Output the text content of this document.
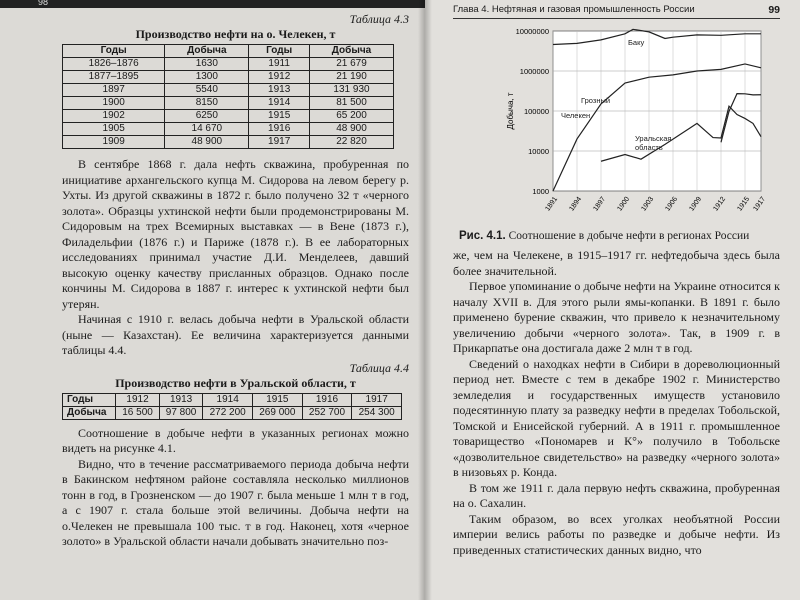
Таблица 4.3
Производство нефти на о. Челекен, т
Годы	Добыча	Годы	Добыча
1826–1876	1630	1911	21 679
1877–1895	1300	1912	21 190
1897	5540	1913	131 930
1900	8150	1914	81 500
1902	6250	1915	65 200
1905	14 670	1916	48 900
1909	48 900	1917	22 820

В сентябре 1868 г. дала нефть скважина, пробуренная по инициативе архангельского купца М. Сидорова на левом берегу р. Ухты. Из другой скважины в 1872 г. было получено 32 т «черного золота». Образцы ухтинской нефти были продемонстрированы М. Сидоровым на трех Всемирных выставках — в Вене (1873 г.), Филадельфии (1876 г.) и Париже (1878 г.). В ее лабораторных исследованиях принимал участие Д.И. Менделеев, давший высокую оценку качеству присланных образцов. Однако после кончины М. Сидорова в 1887 г. интерес к ухтинской нефти был утерян.

Начиная с 1910 г. велась добыча нефти в Уральской области (ныне — Казахстан). Ее величина характеризуется данными таблицы 4.4.

Таблица 4.4
Производство нефти в Уральской области, т
Годы	1912	1913	1914	1915	1916	1917
Добыча	16 500	97 800	272 200	269 000	252 700	254 300

Соотношение в добыче нефти в указанных регионах можно видеть на рисунке 4.1.

Видно, что в течение рассматриваемого периода добыча нефти в Бакинском нефтяном районе составляла несколько миллионов тонн в год, в Грозненском — до 1907 г. была меньше 1 млн т в год, а с 1907 г. стала больше этой величины. Добыча нефти на о.Челекен не превышала 100 тыс. т в год. Наконец, хотя «черное золото» в Уральской области начали добывать значительно поз-

98
Глава 4. Нефтяная и газовая промышленность России	99
10000000
1000000
100000
10000
1000
1891 1894 1897 1900 1903 1906 1909 1912 1915 1917
Добыча, т
Баку
Грозный
Челекен
Уральская
область
Рис. 4.1. Соотношение в добыче нефти в регионах России

же, чем на Челекене, в 1915–1917 гг. нефтедобыча здесь была более значительной.

Первое упоминание о добыче нефти на Украине относится к началу XVII в. Для этого рыли ямы-копанки. В 1891 г. было применено бурение скважин, что привело к незначительному увеличению добычи «черного золота». Так, в 1909 г. в Прикарпатье она достигала даже 2 млн т в год.

Сведений о находках нефти в Сибири в дореволюционный период нет. Вместе с тем в декабре 1902 г. Министерство земледелия и государственных имуществ установило подесятинную плату за разведку нефти в пределах Тобольской, Томской и Енисейской губерний. А в 1911 г. промышленное товарищество «Пономарев и К°» получило в Тобольске «дозволительное свидетельство» на разведку «черного золота» в низовьях р. Конда.

В том же 1911 г. дала первую нефть скважина, пробуренная на о. Сахалин.

Таким образом, во всех уголках необъятной России империи велись работы по разведке и добыче нефти. Из приведенных статистических данных видно, что
